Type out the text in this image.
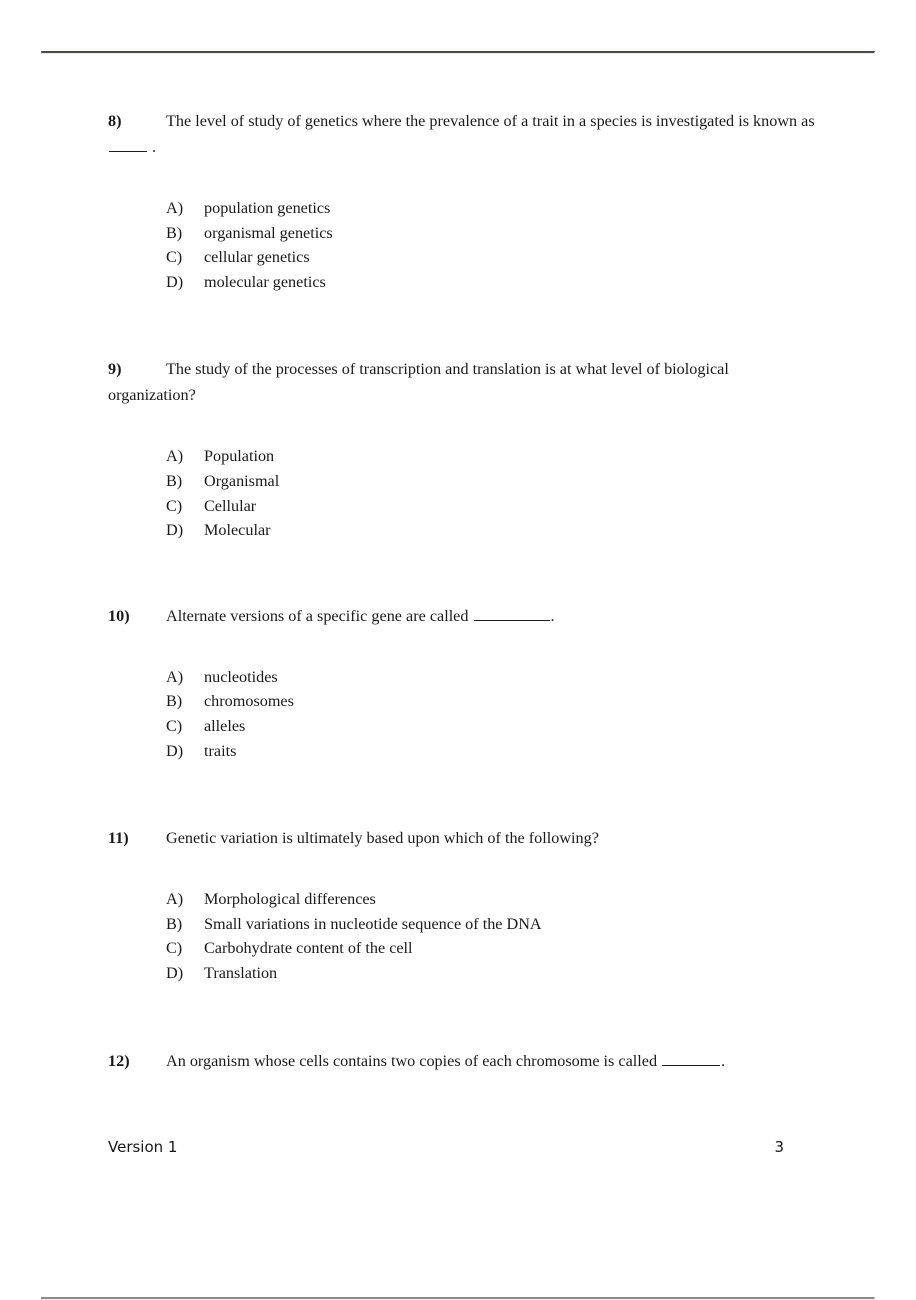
8)	The level of study of genetics where the prevalence of a trait in a species is investigated is known as  .

A) population genetics
B) organismal genetics
C) cellular genetics
D) molecular genetics

9)	The study of the processes of transcription and translation is at what level of biological organization?

A) Population
B) Organismal
C) Cellular
D) Molecular

10) Alternate versions of a specific gene are called	.

A) nucleotides
B) chromosomes
C) alleles
D) traits

11) Genetic variation is ultimately based upon which of the following?

A) Morphological differences
B) Small variations in nucleotide sequence of the DNA
C) Carbohydrate content of the cell
D) Translation

12) An organism whose cells contains two copies of each chromosome is called	.

Version 1	3
